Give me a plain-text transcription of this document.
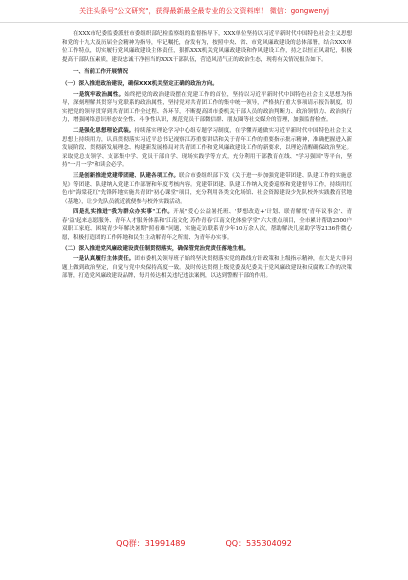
关注头条号"公文研究"，获得最新最全最专业的公文资料库！ 微信：gongwenyj

在XXX市纪委监委派驻市委组织部纪检监察组的监督指导下，XXX单位坚持以习近平新时代中国特色社会主义思想和党的十九大及历届全会精神为指导，牢记嘱托，奋发有为，按照中央、省、市党风廉政建设的总体部署，结合XXX单位工作特点，切实履行党风廉政建设主体责任，狠抓XXX机关党风廉政建设和作风建设工作，持之以恒正风肃纪，积极提高干部队伍素质，建设忠诚干净担当的XXX干部队伍，营造风清气正的政治生态，现将有关情况报告如下。

一、当前工作开展情况
（一）深入推进政治建设，确保XXX机关坚定正确的政治方向。

一是筑牢政治属性。始终把党的政治建设摆在党建工作的首位，坚持以习近平新时代中国特色社会主义思想为指导，深刻理解其贯穿与党联系的政治属性，坚持党对共青团工作的集中统一领导，严格执行重大事项请示报告制度，切实把党的领导贯穿到共青团工作全过程、各环节，不断提高团市委机关干部人员的政治判断力、政治领悟力、政治执行力，增强网络意识形态安全性、斗争性认识，规范党员干部微信群、朋友圈等社交媒介的管理，加强监督检查。

二是强化思想理论武装。持续落实理论学习中心组专题学习制度，在学懂弄通做实习近平新时代中国特色社会主义思想上持续用力，认真贯彻落实习近平总书记视察江苏重要讲话和关于青年工作的重要指示批示精神，准确把握进入新发展阶段、贯彻新发展理念、构建新发展格局对共青团工作和党风廉政建设工作的新要求，以理论清醒确保政治坚定。采取党总支领学、支部集中学、党员干部自学、现场实践学等方式，充分利用干部教育在线、"学习强国"等平台，坚持"一月一学"和读会必学。

三是创新推进党建带团建、队建各项工作。联合市委组织部下发《关于进一步加强党建带团建、队建工作的实施意见》等团建、队建纳入党建工作部署和年度考核内容。党建带团建、队建工作纳入党委巡察和党建督导工作，持续用红色市"海棠花红"先锋阵地实施共青团"初心课堂"项目，充分利用各类文化场馆、社会资源建设少先队校外实践教育营地（基地），让少先队员就近就便参与校外实践活动。

四是扎实推进"我为群众办实事"工作。开展"爱心公益暑托班、'梦想改造+'计划、联青解忧'青年议事会'、青春'益'起来志愿服务、青年人才服务体系和'江南文化 苏作青春'江南文化体验学堂"六大重点项目，全市累计帮助2500户双职工家庭、困境青少年解决暑期"照看难"问题，实施走访联系青少年10万余人次，帮助解决儿童助学等2136件微心愿，积极打造团的工作阵地和民生主动解青年之所需、为青年办实事。

（二）深入推进党风廉政建设责任制贯彻落实，确保管党治党责任落地生根。

一是认真履行主体责任。团市委机关领导班子始终坚决贯彻落实党的路线方针政策和上级指示精神，在大是大非问题上做到政治坚定，自觉与党中央保持高度一致。及时传达贯彻上级党委及纪委关于党风廉政建设和反腐败工作的决策部署，打造党风廉政建设品牌，每月传达相关违纪违法案例，以达到警醒干部的作用。

QQ群：31991489	QQ：535304092
